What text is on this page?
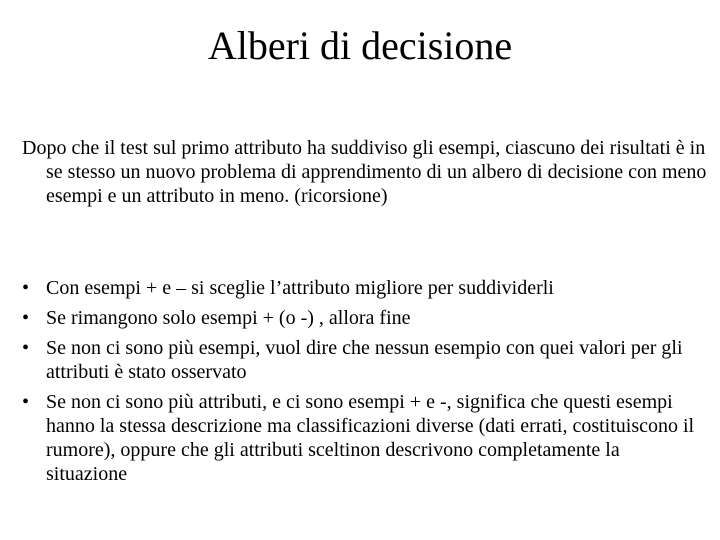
Alberi di decisione

Dopo che il test sul primo attributo ha suddiviso gli esempi, ciascuno dei risultati è in se stesso un nuovo problema di apprendimento di un albero di decisione con meno esempi e un attributo in meno. (ricorsione)

• Con esempi + e – si sceglie l’attributo migliore per suddividerli
• Se rimangono solo esempi + (o -) , allora fine
• Se non ci sono più esempi, vuol dire che nessun esempio con quei valori per gli attributi è stato osservato
• Se non ci sono più attributi, e ci sono esempi + e -, significa che questi esempi hanno la stessa descrizione ma classificazioni diverse (dati errati, costituiscono il rumore), oppure che gli attributi sceltinon descrivono completamente la situazione
